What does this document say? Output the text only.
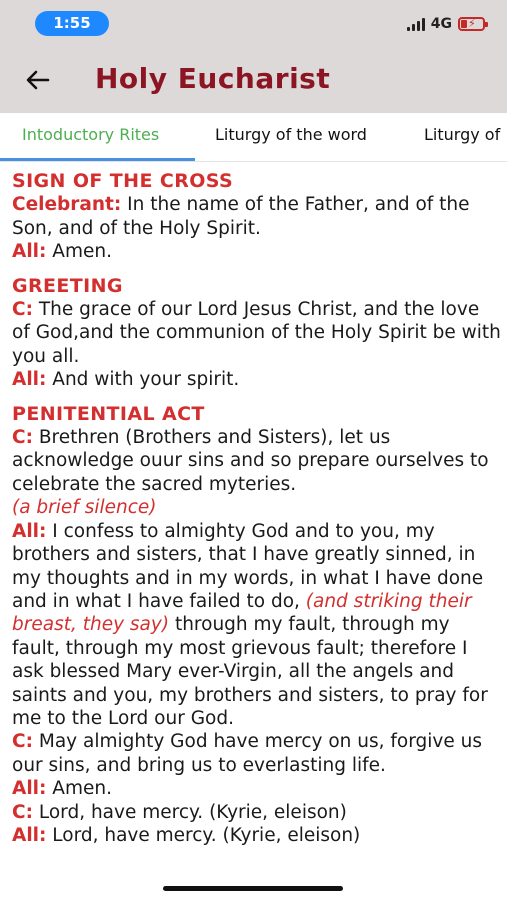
1:55	4G ⚡
Holy Eucharist
Intoductory Rites	Liturgy of the word	Liturgy of
SIGN OF THE CROSS
Celebrant: In the name of the Father, and of the Son, and of the Holy Spirit.
All: Amen.
GREETING
C: The grace of our Lord Jesus Christ, and the love of God,and the communion of the Holy Spirit be with you all.
All: And with your spirit.
PENITENTIAL ACT
C: Brethren (Brothers and Sisters), let us acknowledge ouur sins and so prepare ourselves to celebrate the sacred myteries.
(a brief silence)
All: I confess to almighty God and to you, my brothers and sisters, that I have greatly sinned, in my thoughts and in my words, in what I have done and in what I have failed to do, (and striking their breast, they say) through my fault, through my fault, through my most grievous fault; therefore I ask blessed Mary ever-Virgin, all the angels and saints and you, my brothers and sisters, to pray for me to the Lord our God.
C: May almighty God have mercy on us, forgive us our sins, and bring us to everlasting life.
All: Amen.
C: Lord, have mercy. (Kyrie, eleison)
All: Lord, have mercy. (Kyrie, eleison)
